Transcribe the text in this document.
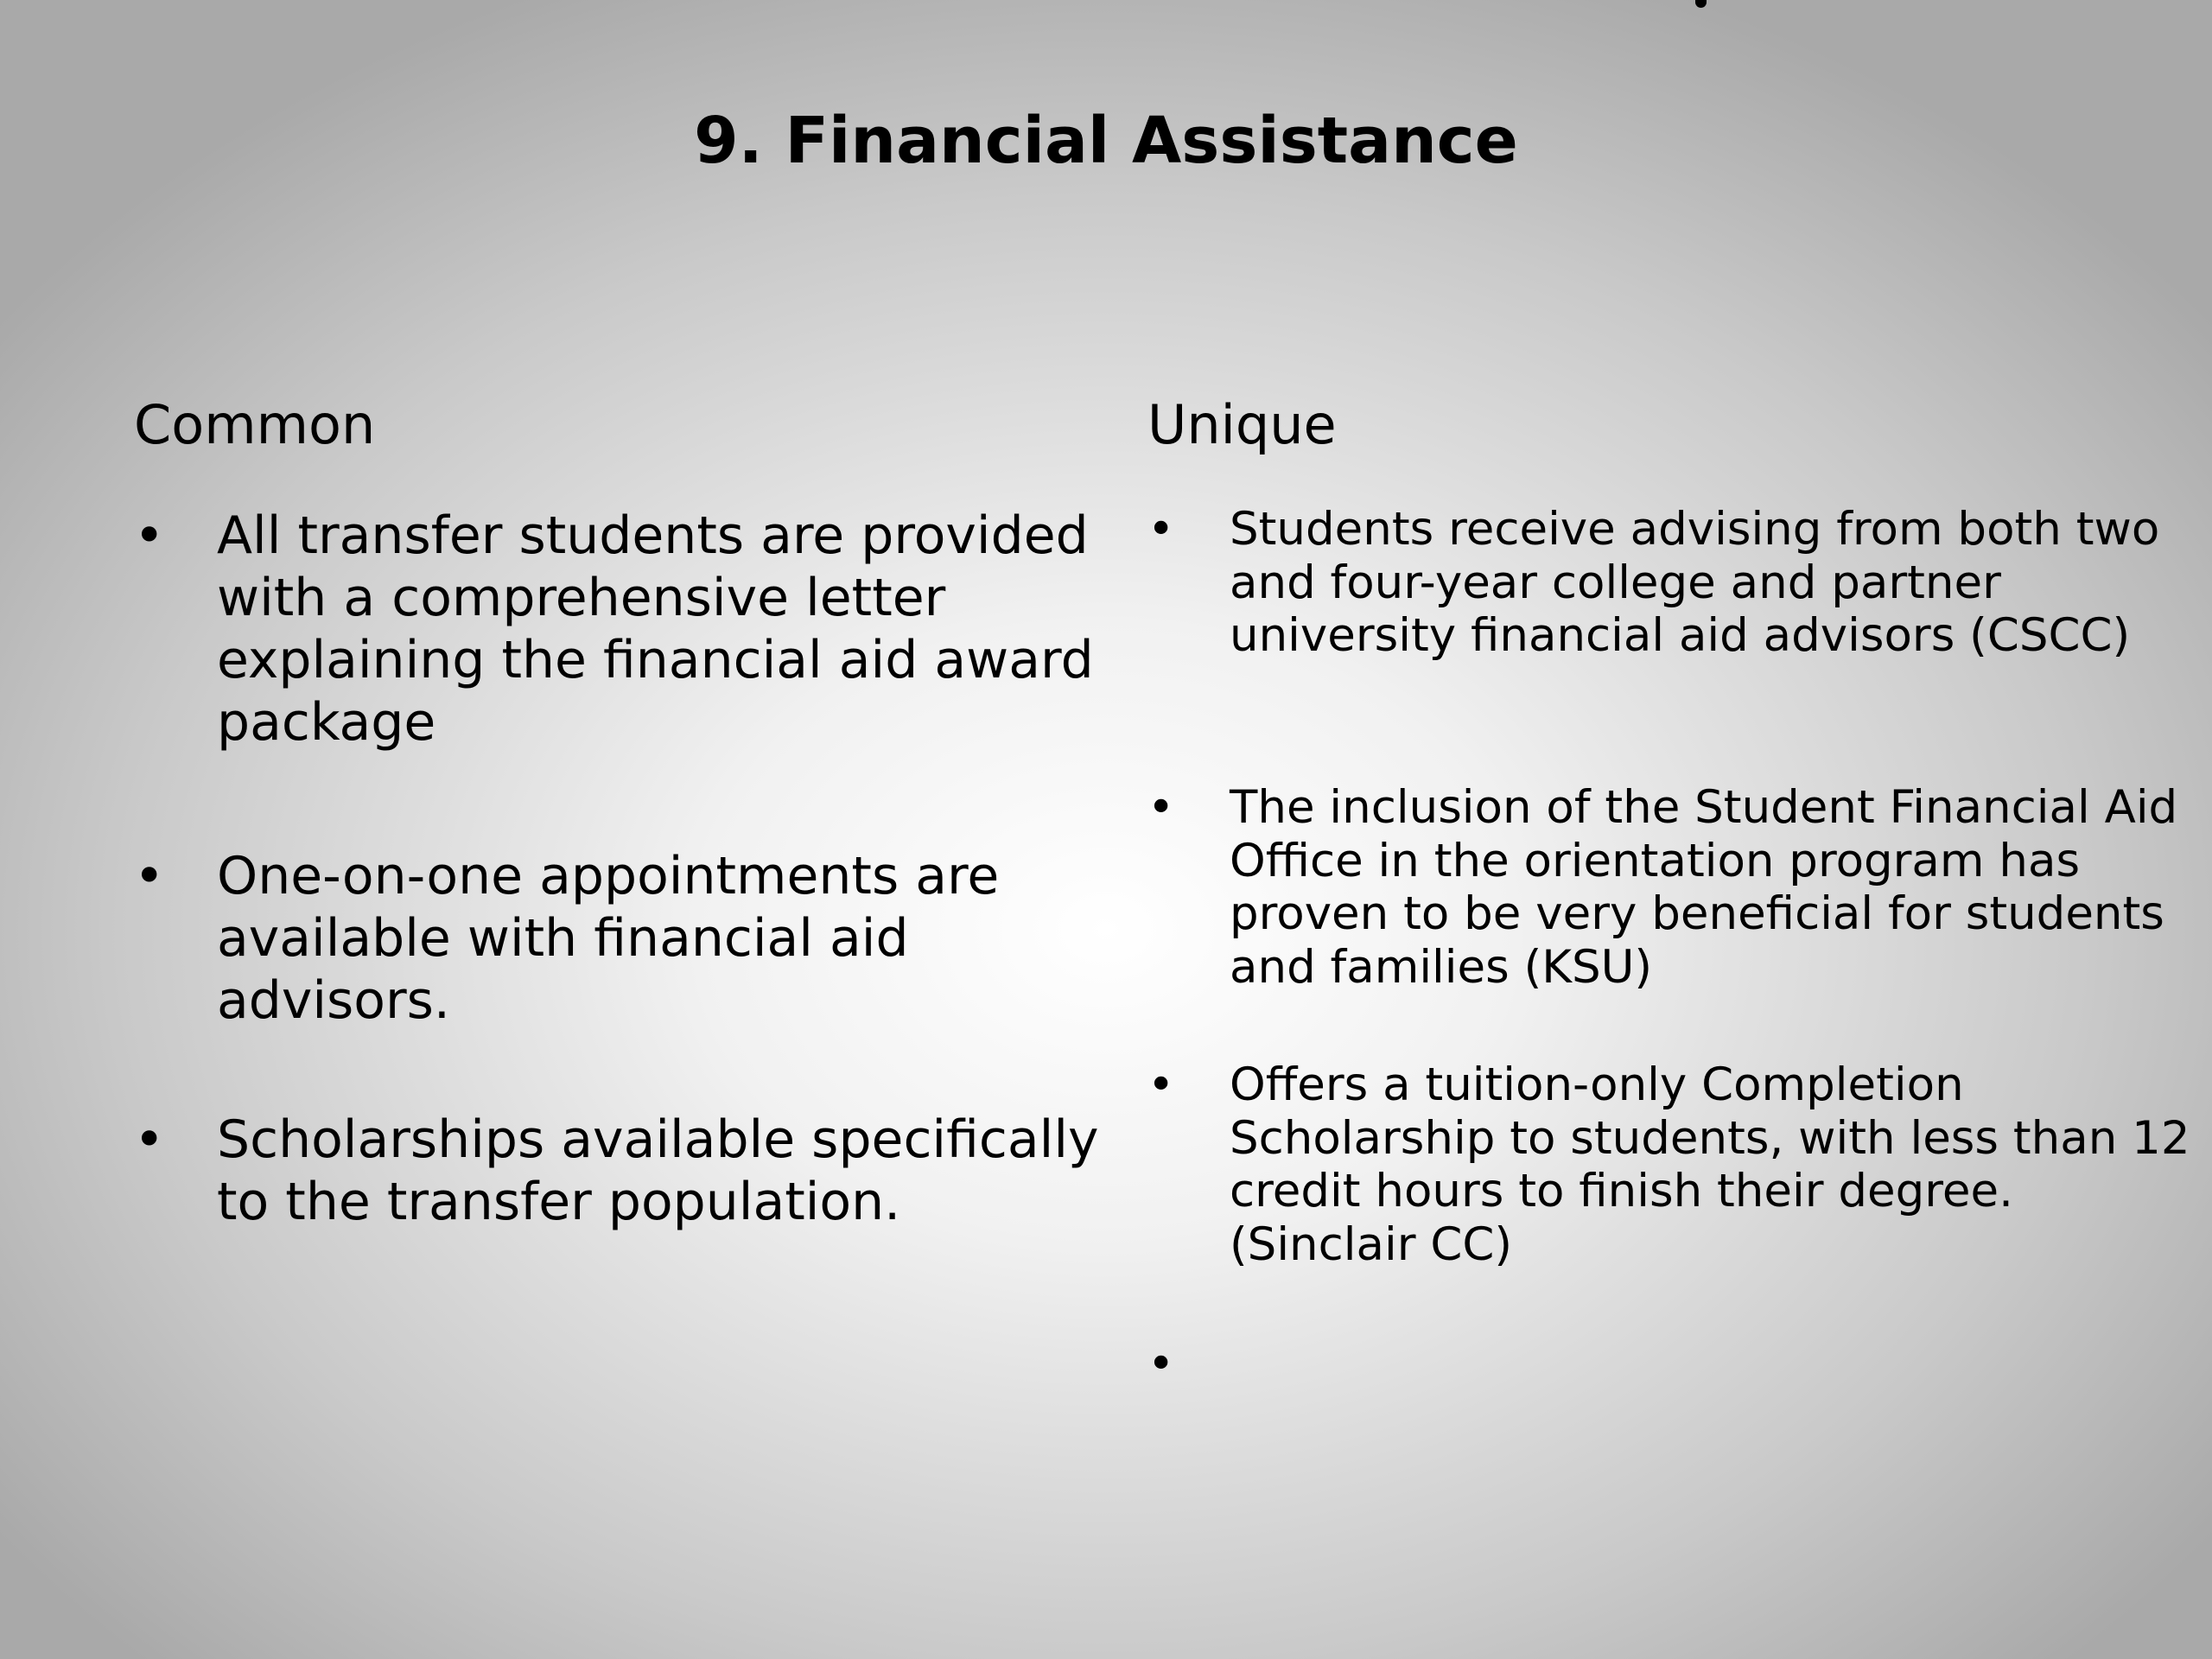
9. Financial Assistance
Common
•	All transfer students are provided with a comprehensive letter explaining the financial aid award package
•	One-on-one appointments are available with financial aid advisors.
•	Scholarships available specifically to the transfer population.
Unique
•	Students receive advising from both two and four-year college and partner university financial aid advisors (CSCC)
•	The inclusion of the Student Financial Aid Office in the orientation program has proven to be very beneficial for students and families (KSU)
•	Offers a tuition-only Completion Scholarship to students, with less than 12 credit hours to finish their degree. (Sinclair CC)
•
